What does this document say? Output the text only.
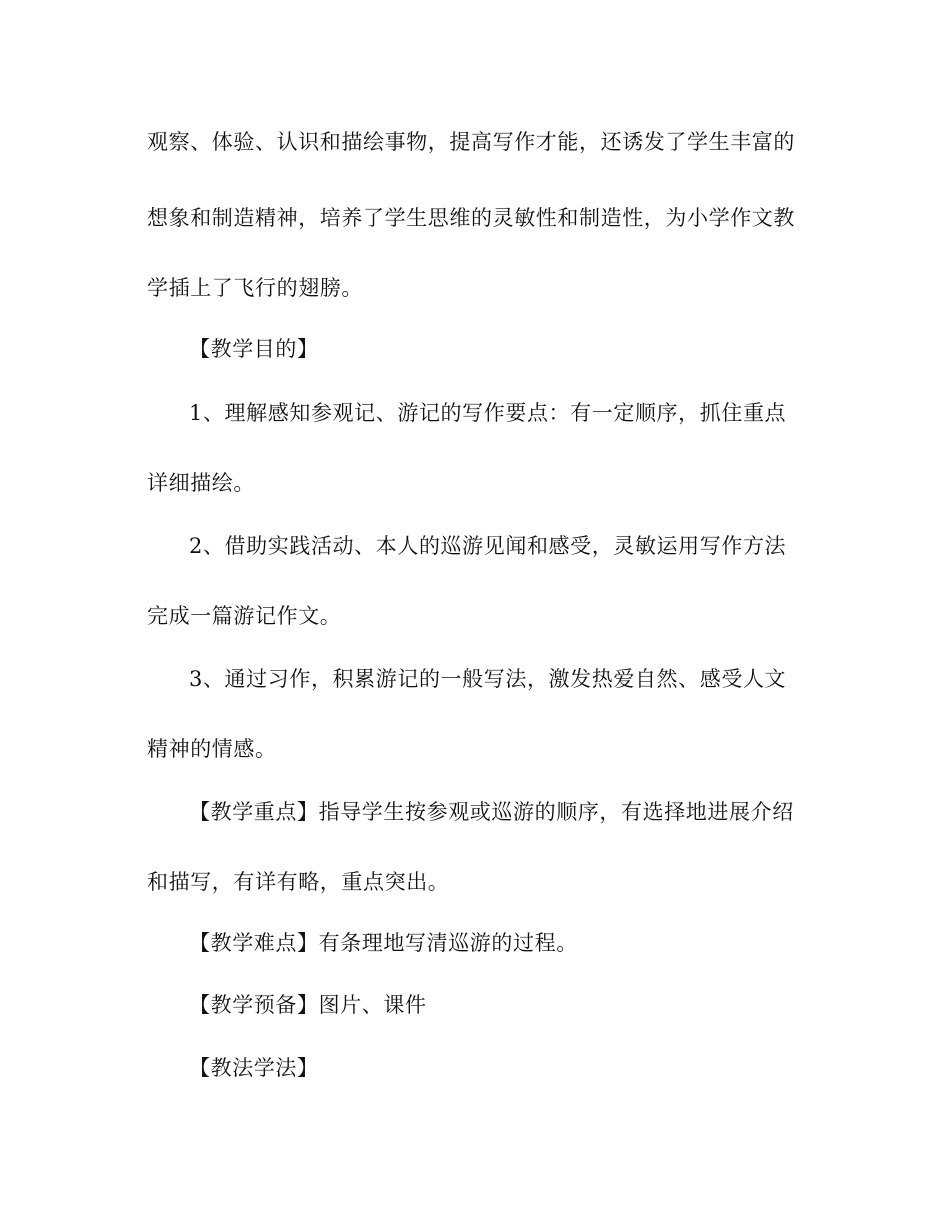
观察、体验、认识和描绘事物，提高写作才能，还诱发了学生丰富的
想象和制造精神，培养了学生思维的灵敏性和制造性，为小学作文教
学插上了飞行的翅膀。
【教学目的】
1、理解感知参观记、游记的写作要点：有一定顺序，抓住重点
详细描绘。
2、借助实践活动、本人的巡游见闻和感受，灵敏运用写作方法
完成一篇游记作文。
3、通过习作，积累游记的一般写法，激发热爱自然、感受人文
精神的情感。
【教学重点】指导学生按参观或巡游的顺序，有选择地进展介绍
和描写，有详有略，重点突出。
【教学难点】有条理地写清巡游的过程。
【教学预备】图片、课件
【教法学法】
